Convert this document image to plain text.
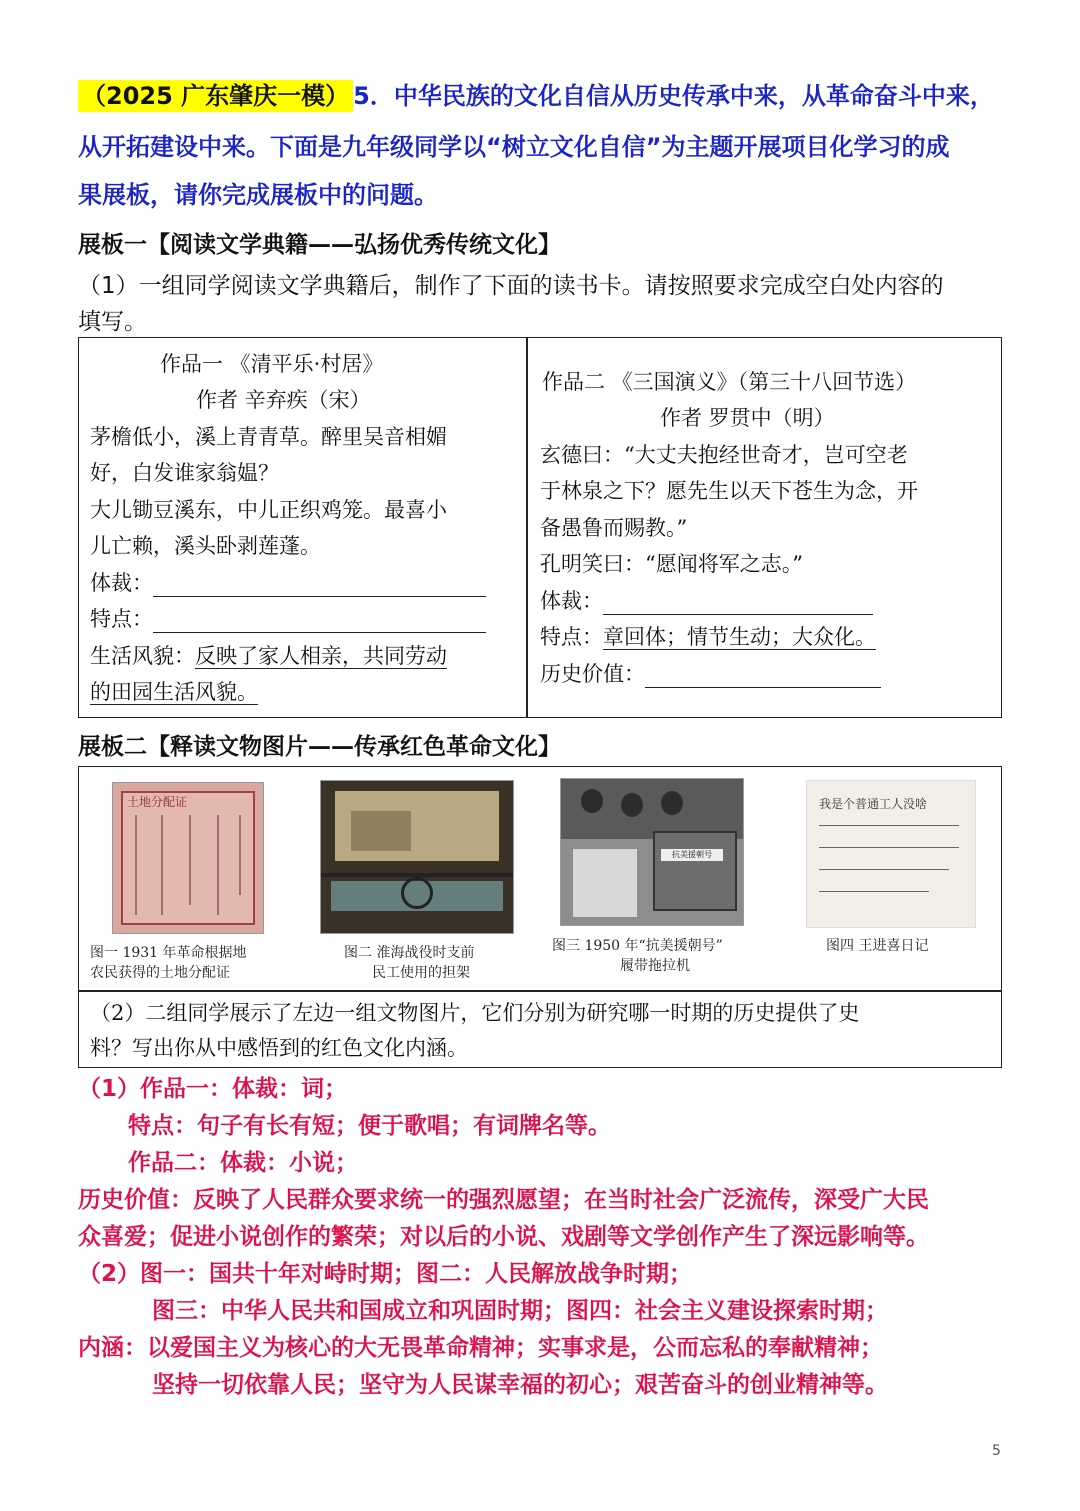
（2025 广东肇庆一模） 5．中华民族的文化自信从历史传承中来，从革命奋斗中来，
从开拓建设中来。下面是九年级同学以“树立文化自信”为主题开展项目化学习的成
果展板，请你完成展板中的问题。
展板一【阅读文学典籍——弘扬优秀传统文化】
（1）一组同学阅读文学典籍后，制作了下面的读书卡。请按照要求完成空白处内容的
填写。
作品一 《清平乐·村居》
作者 辛弃疾（宋）
茅檐低小，溪上青青草。醉里吴音相媚
好，白发谁家翁媪？
大儿锄豆溪东，中儿正织鸡笼。最喜小
儿亡赖，溪头卧剥莲蓬。
体裁：
特点：
生活风貌：反映了家人相亲，共同劳动
的田园生活风貌。
作品二 《三国演义》（第三十八回节选）
作者 罗贯中（明）
玄德曰：“大丈夫抱经世奇才，岂可空老
于林泉之下？愿先生以天下苍生为念，开
备愚鲁而赐教。”
孔明笑曰：“愿闻将军之志。”
体裁：
特点：章回体；情节生动；大众化。
历史价值：
展板二【释读文物图片——传承红色革命文化】
土地分配证
图一 1931 年革命根据地
农民获得的土地分配证
图二 淮海战役时支前
民工使用的担架
抗美援朝号
图三 1950 年“抗美援朝号”
履带拖拉机
我是个普通工人没啥
图四 王进喜日记
（2）二组同学展示了左边一组文物图片，它们分别为研究哪一时期的历史提供了史
料？写出你从中感悟到的红色文化内涵。
（1）作品一：体裁：词；
特点：句子有长有短；便于歌唱；有词牌名等。
作品二：体裁：小说；
历史价值：反映了人民群众要求统一的强烈愿望；在当时社会广泛流传，深受广大民
众喜爱；促进小说创作的繁荣；对以后的小说、戏剧等文学创作产生了深远影响等。
（2）图一：国共十年对峙时期；图二：人民解放战争时期；
图三：中华人民共和国成立和巩固时期；图四：社会主义建设探索时期；
内涵：以爱国主义为核心的大无畏革命精神；实事求是，公而忘私的奉献精神；
坚持一切依靠人民；坚守为人民谋幸福的初心；艰苦奋斗的创业精神等。
5
